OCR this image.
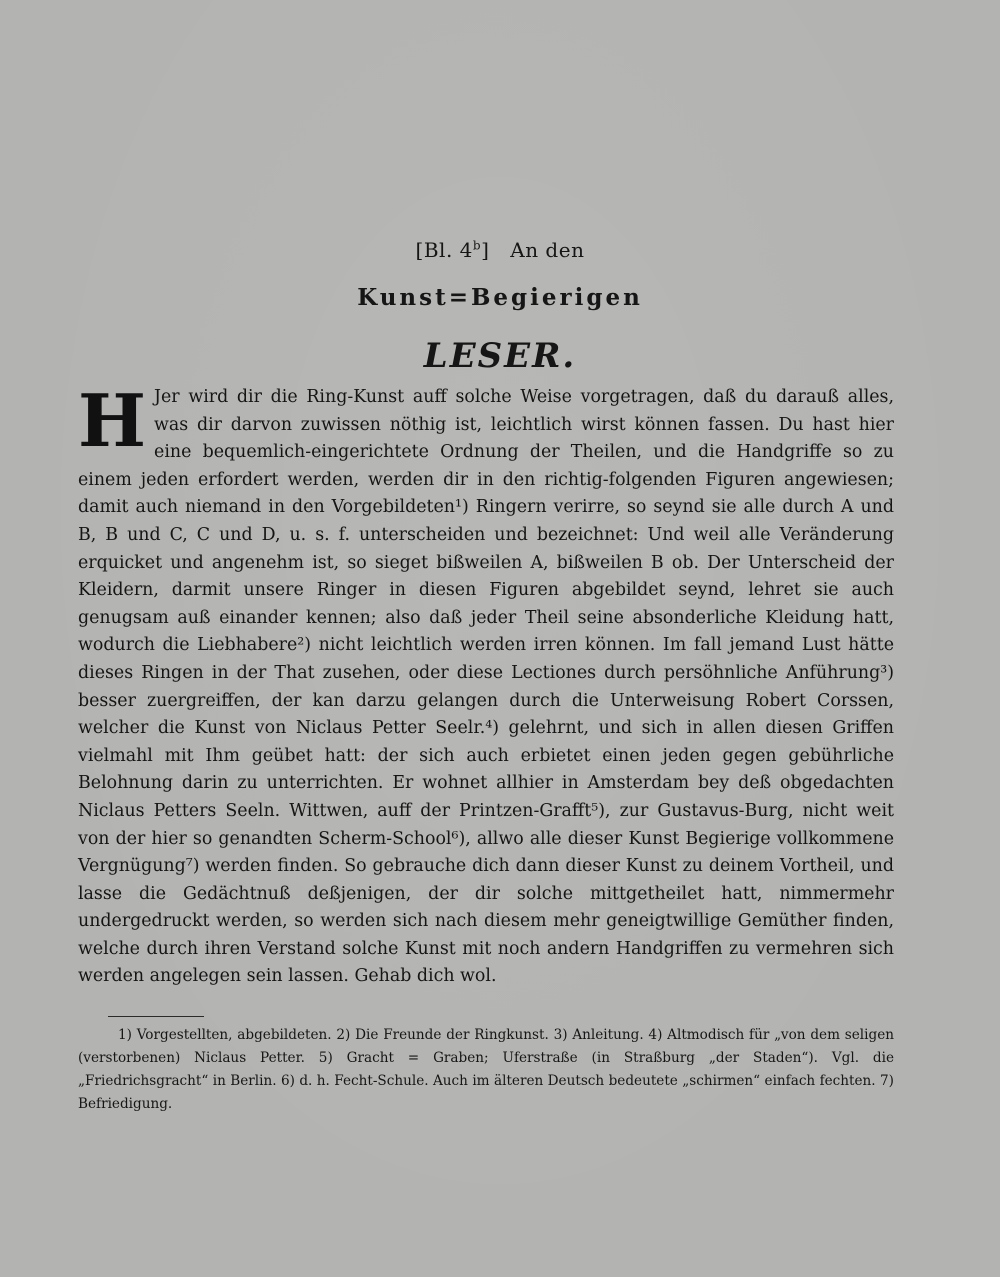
[Bl. 4$^b$] An den
Kunst=Begierigen
LESER.
H Jer wird dir die Ring-Kunst auff solche Weise vorgetragen, daß du darauß alles, was dir darvon zuwissen nöthig ist, leichtlich wirst können fassen. Du hast hier eine bequemlich-eingerichtete Ordnung der Theilen, und die Handgriffe so zu einem jeden erfordert werden, werden dir in den richtig-folgenden Figuren angewiesen; damit auch niemand in den Vorgebildeten¹) Ringern verirre, so seynd sie alle durch A und B, B und C, C und D, u. s. f. unterscheiden und bezeichnet: Und weil alle Veränderung erquicket und angenehm ist, so sieget bißweilen A, bißweilen B ob. Der Unterscheid der Kleidern, darmit unsere Ringer in diesen Figuren abgebildet seynd, lehret sie auch genugsam auß einander kennen; also daß jeder Theil seine absonderliche Kleidung hatt, wodurch die Liebhabere²) nicht leichtlich werden irren können. Im fall jemand Lust hätte dieses Ringen in der That zusehen, oder diese Lectiones durch persöhnliche Anführung³) besser zuergreiffen, der kan darzu gelangen durch die Unterweisung Robert Corssen, welcher die Kunst von Niclaus Petter Seelr.⁴) gelehrnt, und sich in allen diesen Griffen vielmahl mit Ihm geübet hatt: der sich auch erbietet einen jeden gegen gebührliche Belohnung darin zu unterrichten. Er wohnet allhier in Amsterdam bey deß obgedachten Niclaus Petters Seeln. Wittwen, auff der Printzen-Grafft⁵), zur Gustavus-Burg, nicht weit von der hier so genandten Scherm-School⁶), allwo alle dieser Kunst Begierige vollkommene Vergnügung⁷) werden finden. So gebrauche dich dann dieser Kunst zu deinem Vortheil, und lasse die Gedächtnuß deßjenigen, der dir solche mittgetheilet hatt, nimmermehr undergedruckt werden, so werden sich nach diesem mehr geneigtwillige Gemüther finden, welche durch ihren Verstand solche Kunst mit noch andern Handgriffen zu vermehren sich werden angelegen sein lassen. Gehab dich wol.
1) Vorgestellten, abgebildeten. 2) Die Freunde der Ringkunst. 3) Anleitung. 4) Altmodisch für „von dem seligen (verstorbenen) Niclaus Petter. 5) Gracht = Graben; Uferstraße (in Straßburg „der Staden“). Vgl. die „Friedrichsgracht“ in Berlin. 6) d. h. Fecht-Schule. Auch im älteren Deutsch bedeutete „schirmen“ einfach fechten. 7) Befriedigung.
